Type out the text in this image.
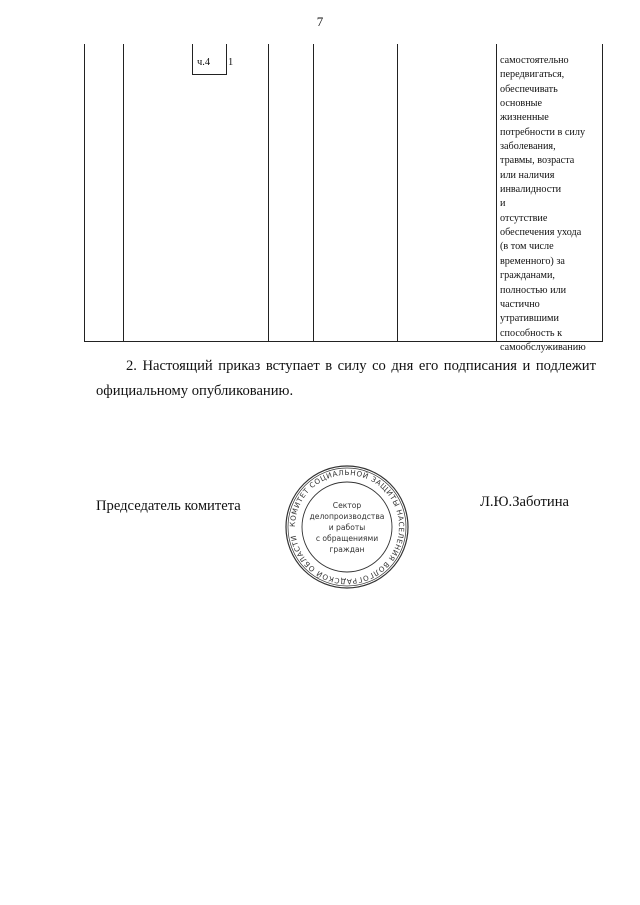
7
ч.4 1	самостоятельно
передвигаться,
обеспечивать
основные
жизненные
потребности в силу
заболевания,
травмы, возраста
или наличия
инвалидности
и
отсутствие
обеспечения ухода
(в том числе
временного) за
гражданами,
полностью или
частично
утратившими
способность к
самообслуживанию

2. Настоящий приказ вступает в силу со дня его подписания и подлежит официальному опубликованию.

Председатель комитета	Л.Ю.Заботина
КОМИТЕТ СОЦИАЛЬНОЙ ЗАЩИТЫ НАСЕЛЕНИЯ ВОЛГОГРАДСКОЙ ОБЛАСТИ
Сектор
делопроизводства
и работы
с обращениями
граждан
